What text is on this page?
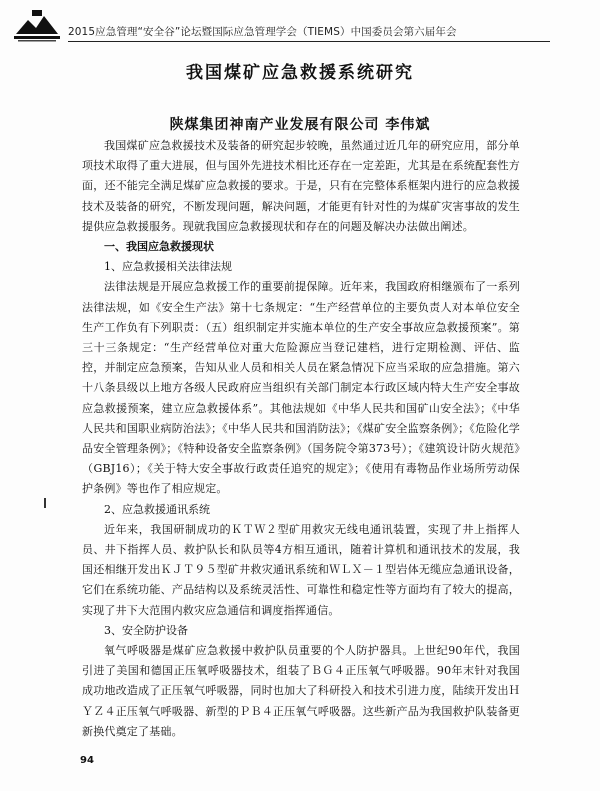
2015应急管理“安全谷”论坛暨国际应急管理学会（TIEMS）中国委员会第六届年会
我国煤矿应急救援系统研究
陕煤集团神南产业发展有限公司 李伟斌

我国煤矿应急救援技术及装备的研究起步较晚，虽然通过近几年的研究应用，部分单项技术取得了重大进展，但与国外先进技术相比还存在一定差距，尤其是在系统配套性方面，还不能完全满足煤矿应急救援的要求。于是，只有在完整体系框架内进行的应急救援技术及装备的研究，不断发现问题，解决问题，才能更有针对性的为煤矿灾害事故的发生提供应急救援服务。现就我国应急救援现状和存在的问题及解决办法做出阐述。

一、我国应急救援现状

1、应急救援相关法律法规

法律法规是开展应急救援工作的重要前提保障。近年来，我国政府相继颁布了一系列法律法规，如《安全生产法》第十七条规定：“生产经营单位的主要负责人对本单位安全生产工作负有下列职责：（五）组织制定并实施本单位的生产安全事故应急救援预案”。第三十三条规定：“生产经营单位对重大危险源应当登记建档，进行定期检测、评估、监控，并制定应急预案，告知从业人员和相关人员在紧急情况下应当采取的应急措施。第六十八条县级以上地方各级人民政府应当组织有关部门制定本行政区域内特大生产安全事故应急救援预案，建立应急救援体系”。其他法规如《中华人民共和国矿山安全法》；《中华人民共和国职业病防治法》；《中华人民共和国消防法》；《煤矿安全监察条例》；《危险化学品安全管理条例》；《特种设备安全监察条例》（国务院令第373号）；《建筑设计防火规范》（GBJ16）；《关于特大安全事故行政责任追究的规定》；《使用有毒物品作业场所劳动保护条例》等也作了相应规定。

2、应急救援通讯系统

近年来，我国研制成功的ＫＴＷ２型矿用救灾无线电通讯装置，实现了井上指挥人员、井下指挥人员、救护队长和队员等4方相互通讯，随着计算机和通讯技术的发展，我国还相继开发出ＫＪＴ９５型矿井救灾通讯系统和ＷＬＸ－１型岩体无缆应急通讯设备，它们在系统功能、产品结构以及系统灵活性、可靠性和稳定性等方面均有了较大的提高，实现了井下大范围内救灾应急通信和调度指挥通信。

3、安全防护设备

氧气呼吸器是煤矿应急救援中救护队员重要的个人防护器具。上世纪90年代，我国引进了美国和德国正压氧呼吸器技术，组装了ＢＧ４正压氧气呼吸器。90年末针对我国成功地改造成了正压氧气呼吸器，同时也加大了科研投入和技术引进力度，陆续开发出ＨＹＺ４正压氧气呼吸器、新型的ＰＢ４正压氧气呼吸器。这些新产品为我国救护队装备更新换代奠定了基础。

94
